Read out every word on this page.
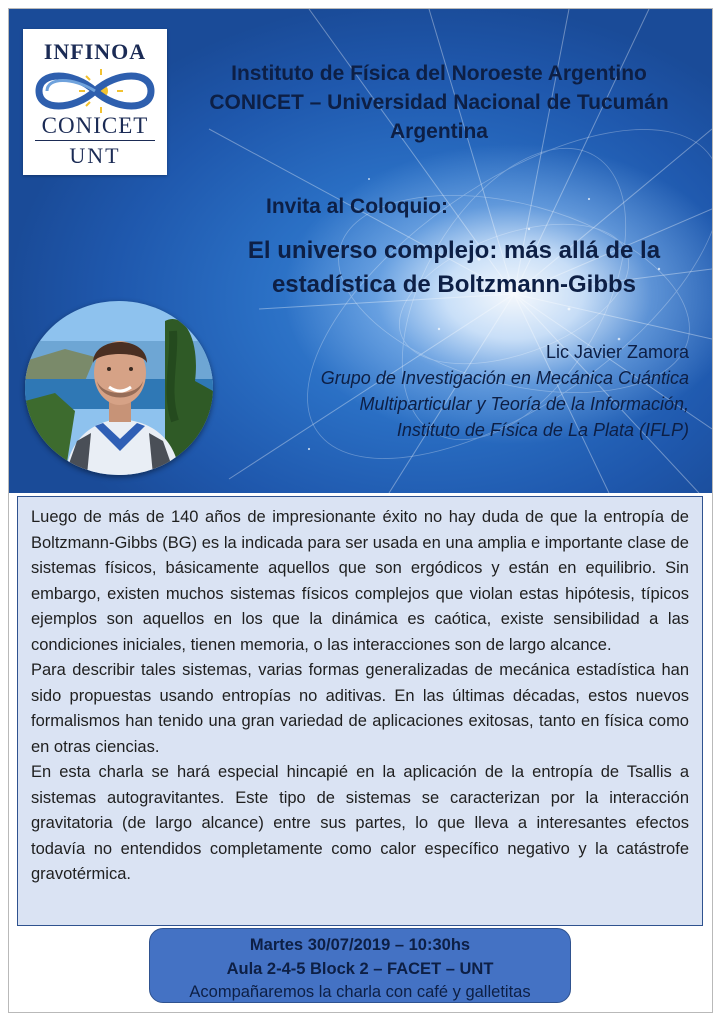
INFINOA
CONICET
UNT
Instituto de Física del Noroeste Argentino
CONICET – Universidad Nacional de Tucumán
Argentina
Invita al Coloquio:
El universo complejo: más allá de la estadística de Boltzmann-Gibbs
Lic Javier Zamora
Grupo de Investigación en Mecánica Cuántica
Multiparticular y Teoría de la Información,
Instituto de Física de La Plata (IFLP)

Luego de más de 140 años de impresionante éxito no hay duda de que la entropía de Boltzmann-Gibbs (BG) es la indicada para ser usada en una amplia e importante clase de sistemas físicos, básicamente aquellos que son ergódicos y están en equilibrio. Sin embargo, existen muchos sistemas físicos complejos que violan estas hipótesis, típicos ejemplos son aquellos en los que la dinámica es caótica, existe sensibilidad a las condiciones iniciales, tienen memoria, o las interacciones son de largo alcance.

Para describir tales sistemas, varias formas generalizadas de mecánica estadística han sido propuestas usando entropías no aditivas. En las últimas décadas, estos nuevos formalismos han tenido una gran variedad de aplicaciones exitosas, tanto en física como en otras ciencias.

En esta charla se hará especial hincapié en la aplicación de la entropía de Tsallis a sistemas autogravitantes. Este tipo de sistemas se caracterizan por la interacción gravitatoria (de largo alcance) entre sus partes, lo que lleva a interesantes efectos todavía no entendidos completamente como calor específico negativo y la catástrofe gravotérmica.

Martes 30/07/2019 – 10:30hs
Aula 2-4-5 Block 2 – FACET – UNT
Acompañaremos la charla con café y galletitas
